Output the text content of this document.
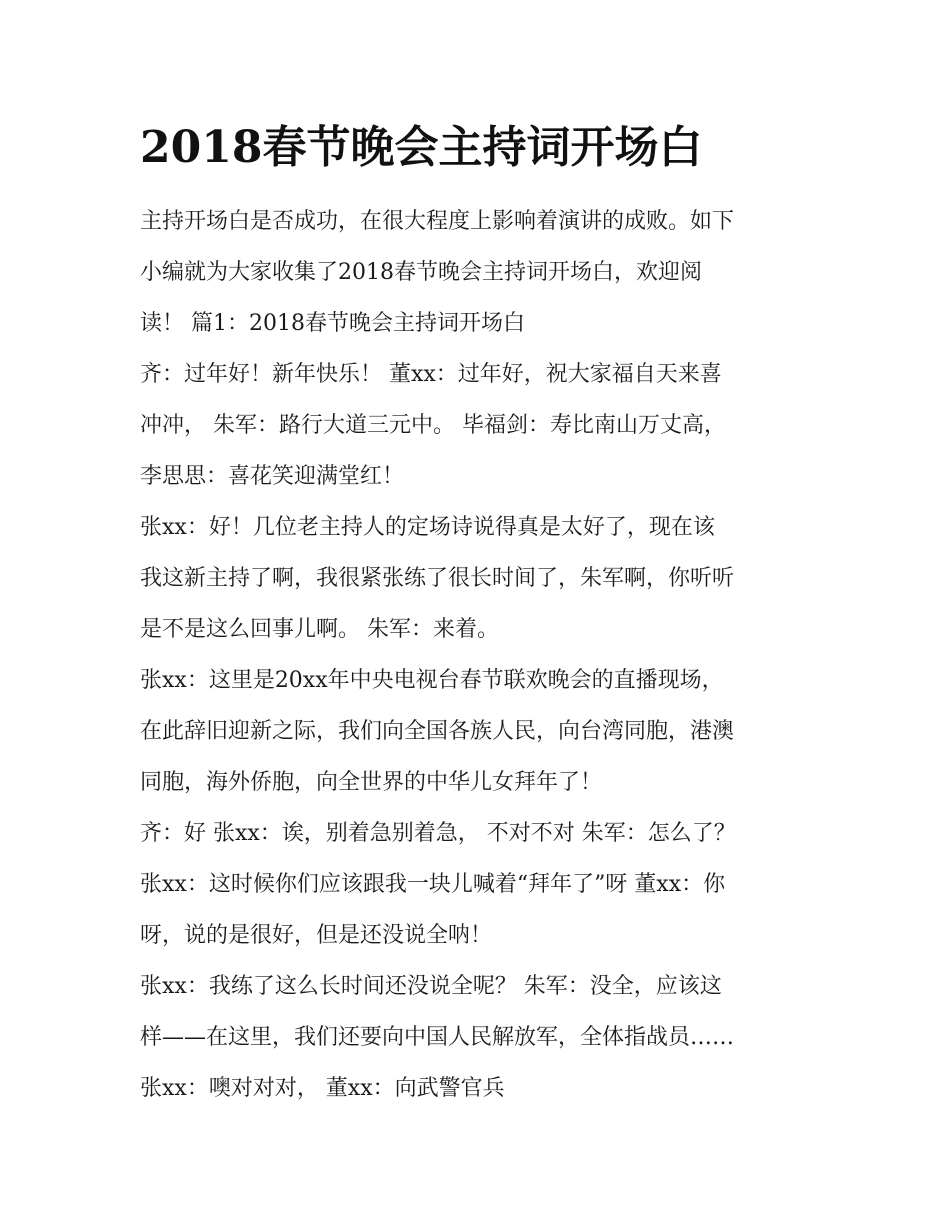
2018春节晚会主持词开场白
主持开场白是否成功，在很大程度上影响着演讲的成败。如下
小编就为大家收集了2018春节晚会主持词开场白，欢迎阅
读！ 篇1：2018春节晚会主持词开场白
齐：过年好！新年快乐！ 董xx：过年好，祝大家福自天来喜
冲冲， 朱军：路行大道三元中。 毕福剑：寿比南山万丈高，
李思思：喜花笑迎满堂红！
张xx：好！几位老主持人的定场诗说得真是太好了，现在该
我这新主持了啊，我很紧张练了很长时间了，朱军啊，你听听
是不是这么回事儿啊。 朱军：来着。
张xx：这里是20xx年中央电视台春节联欢晚会的直播现场，
在此辞旧迎新之际，我们向全国各族人民，向台湾同胞，港澳
同胞，海外侨胞，向全世界的中华儿女拜年了！
齐：好 张xx：诶，别着急别着急， 不对不对 朱军：怎么了？
张xx：这时候你们应该跟我一块儿喊着“拜年了”呀 董xx：你
呀，说的是很好，但是还没说全呐！
张xx：我练了这么长时间还没说全呢？ 朱军：没全，应该这
样——在这里，我们还要向中国人民解放军，全体指战员……
张xx：噢对对对， 董xx：向武警官兵
